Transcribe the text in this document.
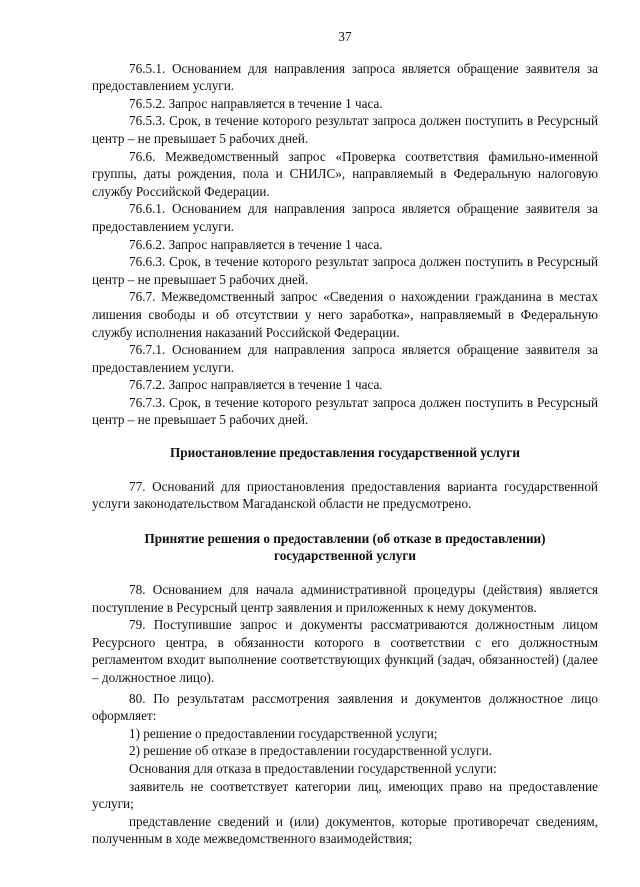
37

76.5.1. Основанием для направления запроса является обращение заявителя за предоставлением услуги.

76.5.2. Запрос направляется в течение 1 часа.

76.5.3. Срок, в течение которого результат запроса должен поступить в Ресурсный центр – не превышает 5 рабочих дней.

76.6. Межведомственный запрос «Проверка соответствия фамильно-именной группы, даты рождения, пола и СНИЛС», направляемый в Федеральную налоговую службу Российской Федерации.

76.6.1. Основанием для направления запроса является обращение заявителя за предоставлением услуги.

76.6.2. Запрос направляется в течение 1 часа.

76.6.3. Срок, в течение которого результат запроса должен поступить в Ресурсный центр – не превышает 5 рабочих дней.

76.7. Межведомственный запрос «Сведения о нахождении гражданина в местах лишения свободы и об отсутствии у него заработка», направляемый в Федеральную службу исполнения наказаний Российской Федерации.

76.7.1. Основанием для направления запроса является обращение заявителя за предоставлением услуги.

76.7.2. Запрос направляется в течение 1 часа.

76.7.3. Срок, в течение которого результат запроса должен поступить в Ресурсный центр – не превышает 5 рабочих дней.

Приостановление предоставления государственной услуги

77. Оснований для приостановления предоставления варианта государственной услуги законодательством Магаданской области не предусмотрено.

Принятие решения о предоставлении (об отказе в предоставлении)
государственной услуги

78. Основанием для начала административной процедуры (действия) является поступление в Ресурсный центр заявления и приложенных к нему документов.

79. Поступившие запрос и документы рассматриваются должностным лицом Ресурсного центра, в обязанности которого в соответствии с его должностным регламентом входит выполнение соответствующих функций (задач, обязанностей) (далее – должностное лицо).

80. По результатам рассмотрения заявления и документов должностное лицо оформляет:

1) решение о предоставлении государственной услуги;

2) решение об отказе в предоставлении государственной услуги.

Основания для отказа в предоставлении государственной услуги:

заявитель не соответствует категории лиц, имеющих право на предоставление услуги;

представление сведений и (или) документов, которые противоречат сведениям, полученным в ходе межведомственного взаимодействия;
